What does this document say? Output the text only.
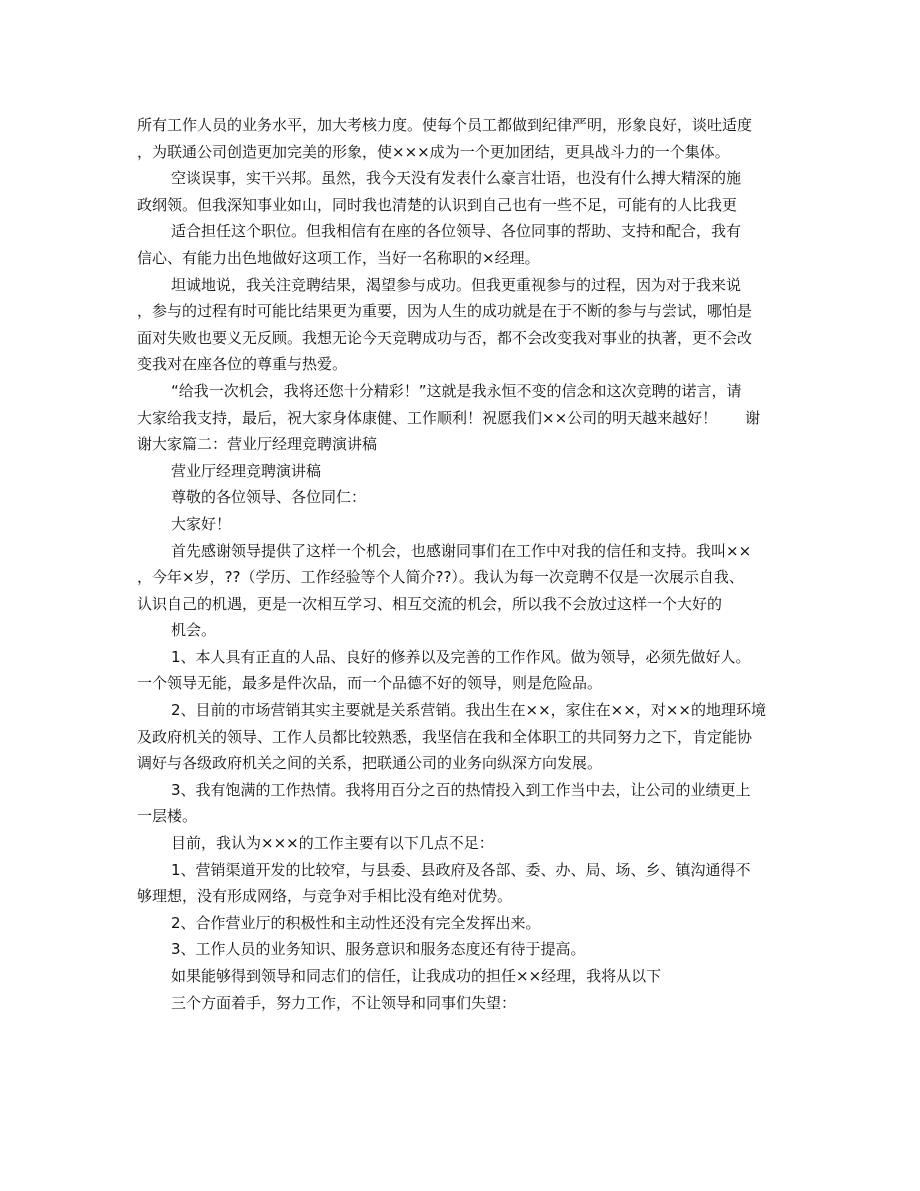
所有工作人员的业务水平，加大考核力度。使每个员工都做到纪律严明，形象良好，谈吐适度

，为联通公司创造更加完美的形象，使×××成为一个更加团结，更具战斗力的一个集体。

空谈误事，实干兴邦。虽然，我今天没有发表什么豪言壮语，也没有什么搏大精深的施

政纲领。但我深知事业如山，同时我也清楚的认识到自己也有一些不足，可能有的人比我更

适合担任这个职位。但我相信有在座的各位领导、各位同事的帮助、支持和配合，我有

信心、有能力出色地做好这项工作，当好一名称职的×经理。

坦诚地说，我关注竞聘结果，渴望参与成功。但我更重视参与的过程，因为对于我来说

，参与的过程有时可能比结果更为重要，因为人生的成功就是在于不断的参与与尝试，哪怕是

面对失败也要义无反顾。我想无论今天竞聘成功与否，都不会改变我对事业的执著，更不会改

变我对在座各位的尊重与热爱。

“给我一次机会，我将还您十分精彩！”这就是我永恒不变的信念和这次竞聘的诺言，请

大家给我支持，最后，祝大家身体康健、工作顺利！祝愿我们××公司的明天越来越好！ 谢

谢大家篇二：营业厅经理竞聘演讲稿

营业厅经理竞聘演讲稿

尊敬的各位领导、各位同仁：

大家好！

首先感谢领导提供了这样一个机会，也感谢同事们在工作中对我的信任和支持。我叫××

，今年×岁，??（学历、工作经验等个人简介??）。我认为每一次竞聘不仅是一次展示自我、

认识自己的机遇，更是一次相互学习、相互交流的机会，所以我不会放过这样一个大好的

机会。

1、本人具有正直的人品、良好的修养以及完善的工作作风。做为领导，必须先做好人。

一个领导无能，最多是件次品，而一个品德不好的领导，则是危险品。

2、目前的市场营销其实主要就是关系营销。我出生在××，家住在××，对××的地理环境

及政府机关的领导、工作人员都比较熟悉，我坚信在我和全体职工的共同努力之下，肯定能协

调好与各级政府机关之间的关系，把联通公司的业务向纵深方向发展。

3、我有饱满的工作热情。我将用百分之百的热情投入到工作当中去，让公司的业绩更上

一层楼。

目前，我认为×××的工作主要有以下几点不足：

1、营销渠道开发的比较窄，与县委、县政府及各部、委、办、局、场、乡、镇沟通得不

够理想，没有形成网络，与竞争对手相比没有绝对优势。

2、合作营业厅的积极性和主动性还没有完全发挥出来。

3、工作人员的业务知识、服务意识和服务态度还有待于提高。

如果能够得到领导和同志们的信任，让我成功的担任××经理，我将从以下

三个方面着手，努力工作，不让领导和同事们失望：
